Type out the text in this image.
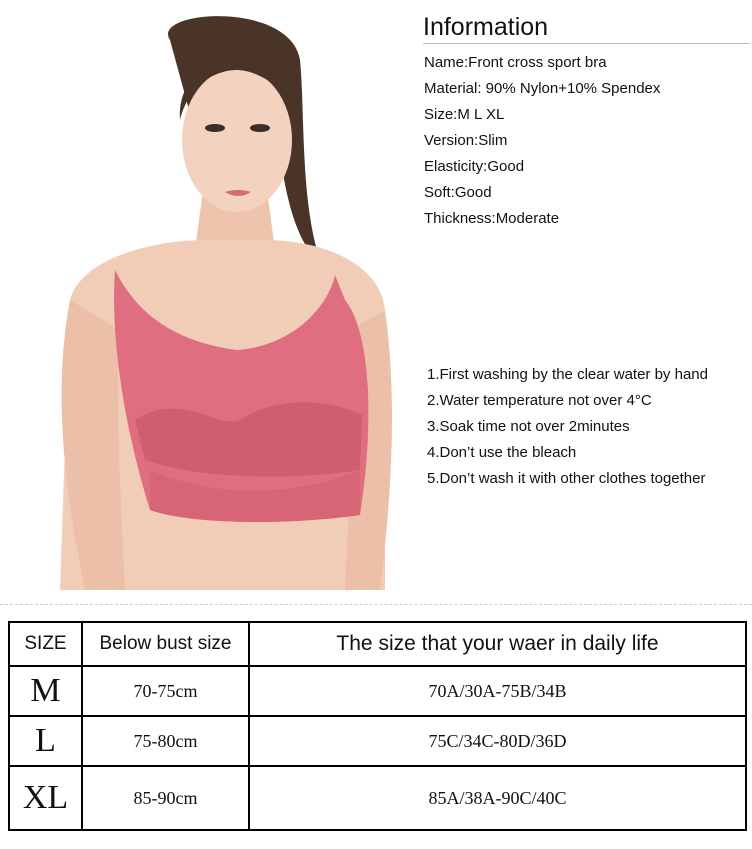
Information
Name:Front cross sport bra
Material: 90% Nylon+10% Spendex
Size:M L XL
Version:Slim
Elasticity:Good
Soft:Good
Thickness:Moderate
1.First washing by the clear water by hand
2.Water temperature not over 4°C
3.Soak time not over 2minutes
4.Don’t use the bleach
5.Don’t wash it with other clothes together
SIZE	Below bust size	The size that your waer in daily life
M	70-75cm	70A/30A-75B/34B
L	75-80cm	75C/34C-80D/36D
XL	85-90cm	85A/38A-90C/40C
